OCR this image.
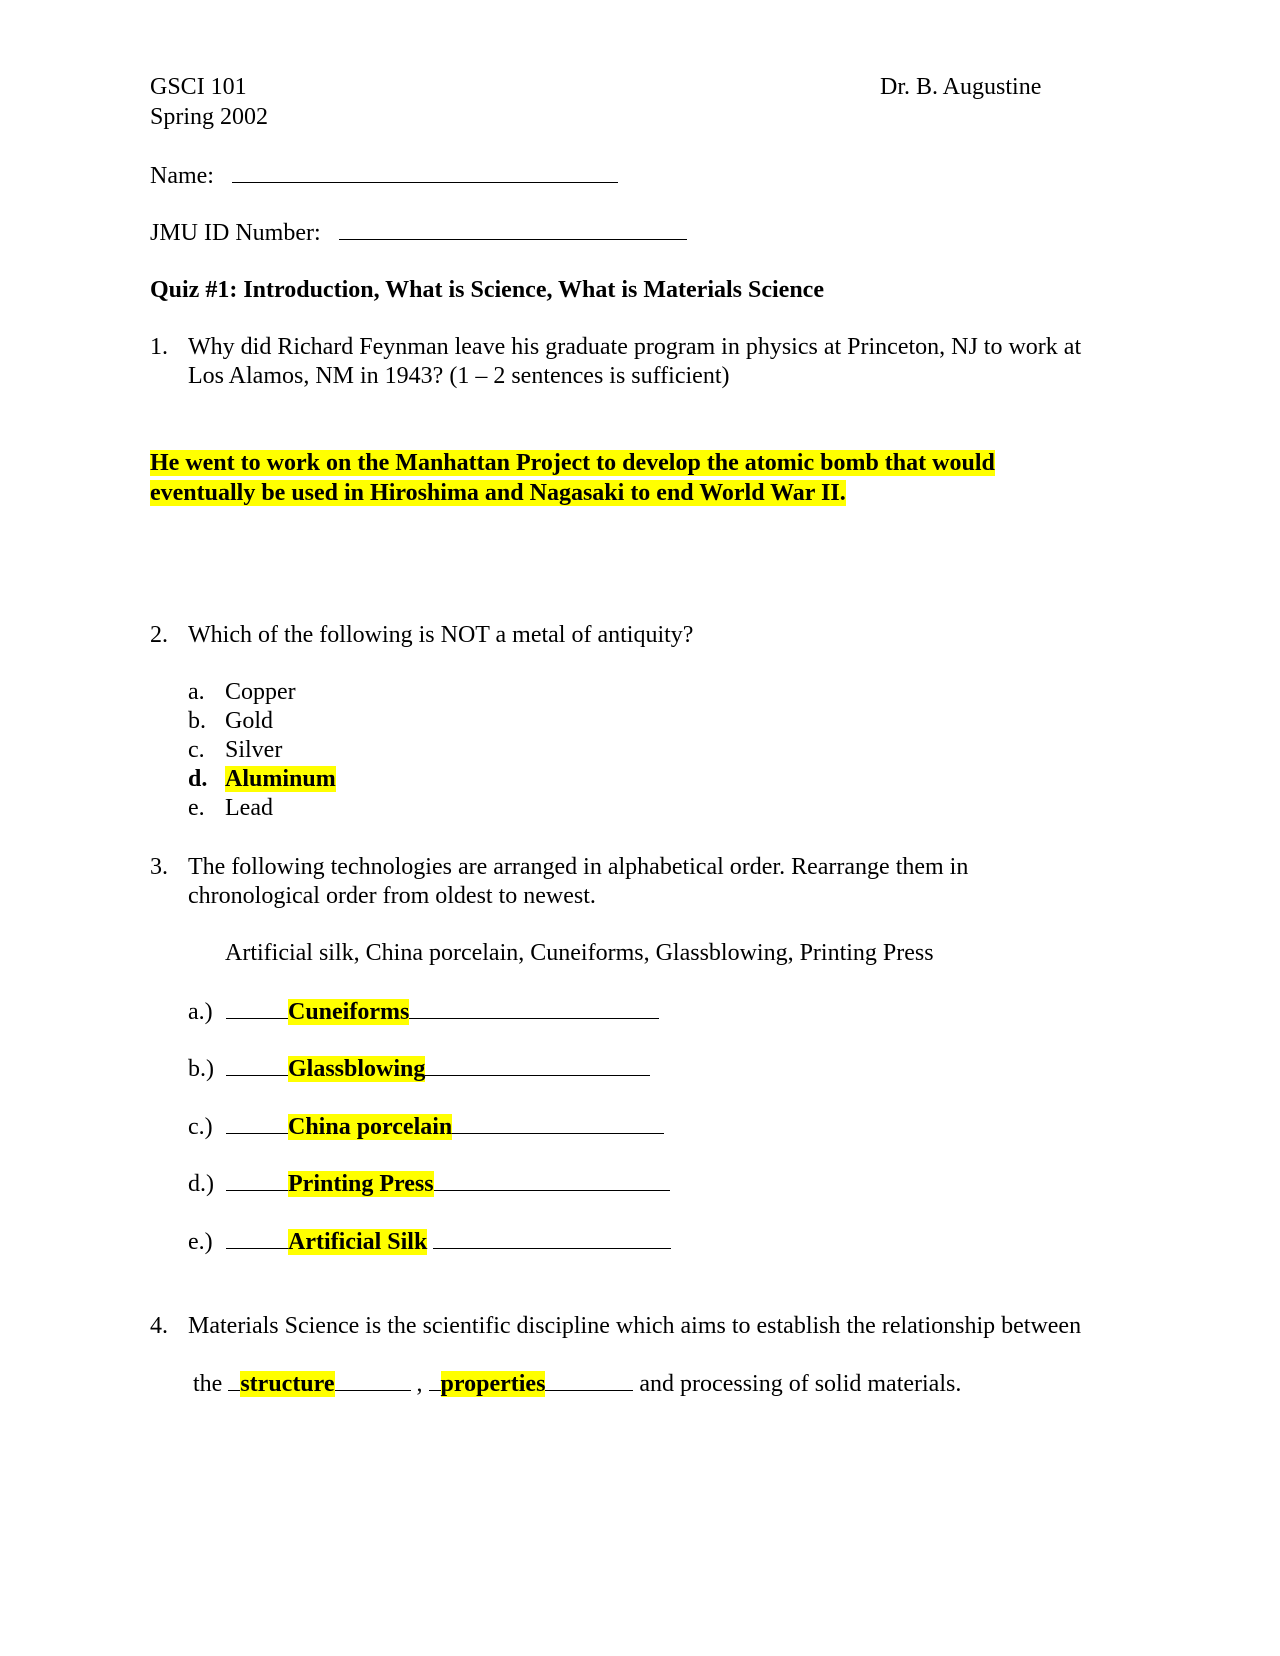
GSCI 101
Spring 2002
Dr. B. Augustine
Name:
JMU ID Number:
Quiz #1: Introduction, What is Science, What is Materials Science
1. Why did Richard Feynman leave his graduate program in physics at Princeton, NJ to work at
Los Alamos, NM in 1943? (1 – 2 sentences is sufficient)
He went to work on the Manhattan Project to develop the atomic bomb that would
eventually be used in Hiroshima and Nagasaki to end World War II.
2. Which of the following is NOT a metal of antiquity?
a. Copper
b. Gold
c. Silver
d. Aluminum
e. Lead
3. The following technologies are arranged in alphabetical order. Rearrange them in
chronological order from oldest to newest.
Artificial silk, China porcelain, Cuneiforms, Glassblowing, Printing Press
a.)	Cuneiforms
b.)	Glassblowing
c.)	China porcelain
d.)	Printing Press
e.)	Artificial Silk
4. Materials Science is the scientific discipline which aims to establish the relationship between
the structure	, properties	and processing of solid materials.
